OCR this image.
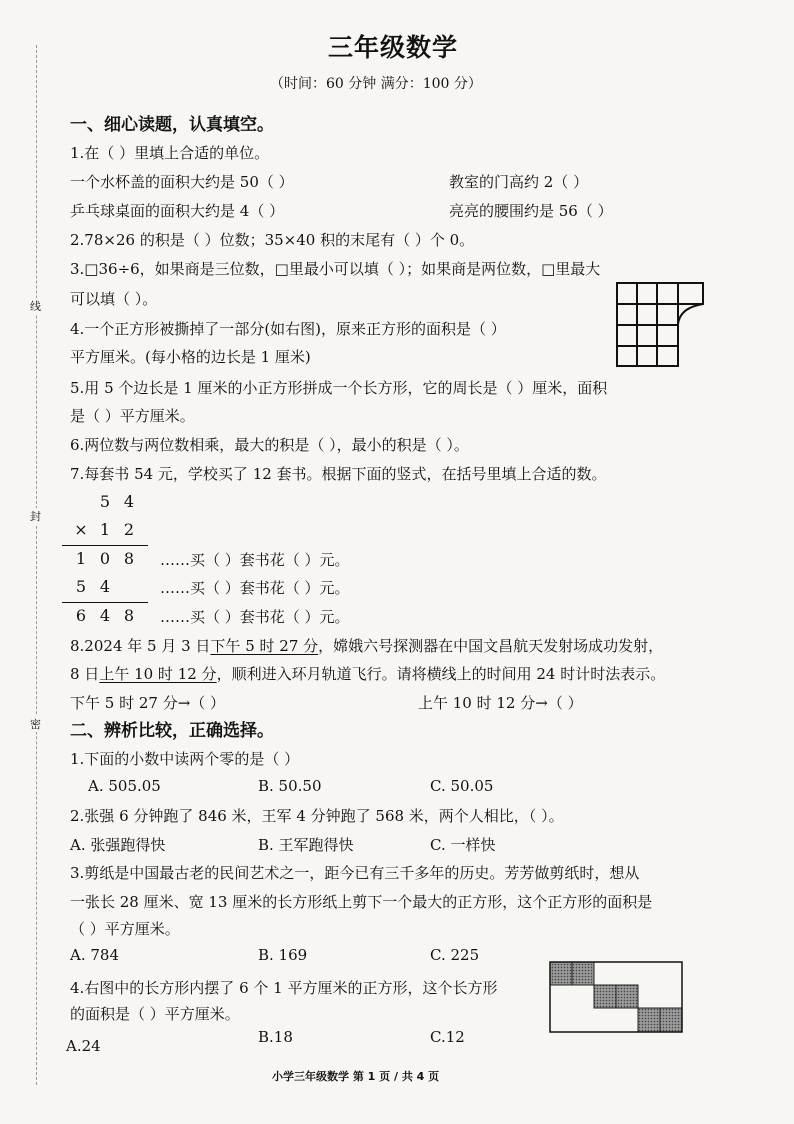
线
封
密
三年级数学
（时间：60 分钟 满分：100 分）
一、细心读题，认真填空。
1.在（ ）里填上合适的单位。
一个水杯盖的面积大约是 50（ ）	教室的门高约 2（ ）
乒乓球桌面的面积大约是 4（ ）	亮亮的腰围约是 56（ ）
2.78×26 的积是（ ）位数；35×40 积的末尾有（ ）个 0。
3.□36÷6，如果商是三位数，□里最小可以填（ ）；如果商是两位数，□里最大
可以填（ ）。
4.一个正方形被撕掉了一部分(如右图)，原来正方形的面积是（ ）
平方厘米。(每小格的边长是 1 厘米)
5.用 5 个边长是 1 厘米的小正方形拼成一个长方形，它的周长是（ ）厘米，面积
是（ ）平方厘米。
6.两位数与两位数相乘，最大的积是（ ），最小的积是（ ）。
7.每套书 54 元，学校买了 12 套书。根据下面的竖式，在括号里填上合适的数。
5 4
× 1 2
1 0 8	……买（ ）套书花（ ）元。
5 4	……买（ ）套书花（ ）元。
6 4 8	……买（ ）套书花（ ）元。
8.2024 年 5 月 3 日下午 5 时 27 分，嫦娥六号探测器在中国文昌航天发射场成功发射，
8 日上午 10 时 12 分，顺利进入环月轨道飞行。请将横线上的时间用 24 时计时法表示。
下午 5 时 27 分→（ ）	上午 10 时 12 分→（ ）
二、辨析比较，正确选择。
1.下面的小数中读两个零的是（ ）
A. 505.05	B. 50.50	C. 50.05
2.张强 6 分钟跑了 846 米，王军 4 分钟跑了 568 米，两个人相比，（ ）。
A. 张强跑得快	B. 王军跑得快	C. 一样快
3.剪纸是中国最古老的民间艺术之一，距今已有三千多年的历史。芳芳做剪纸时，想从
一张长 28 厘米、宽 13 厘米的长方形纸上剪下一个最大的正方形，这个正方形的面积是
（ ）平方厘米。
A. 784	B. 169	C. 225
4.右图中的长方形内摆了 6 个 1 平方厘米的正方形，这个长方形
的面积是（ ）平方厘米。
B.18	C.12
A.24
小学三年级数学 第 1 页 / 共 4 页
